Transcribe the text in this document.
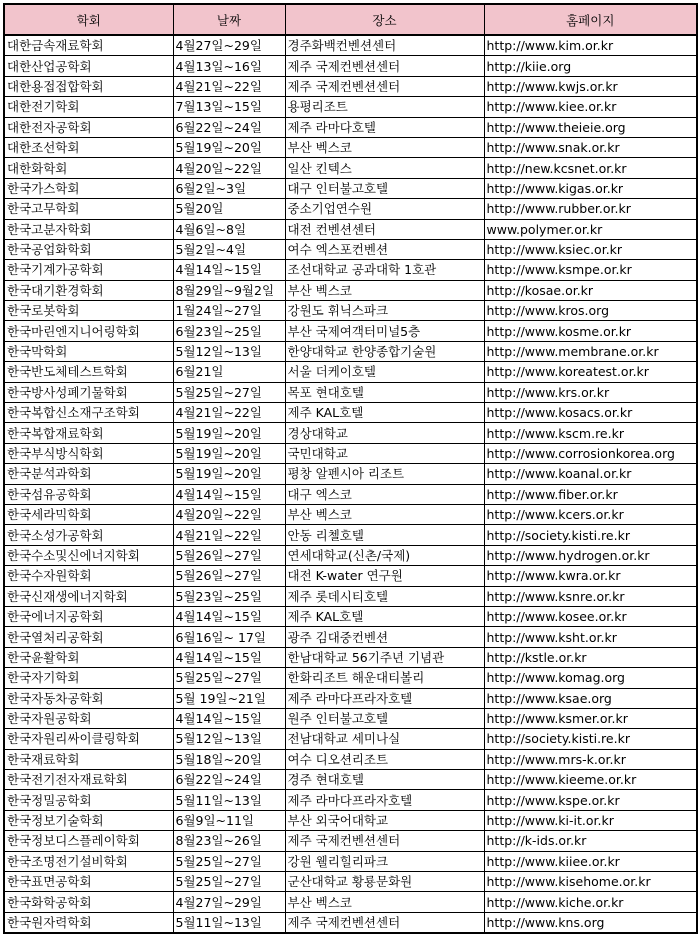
학회	날짜	장소	홈페이지
대한금속재료학회	4월27일~29일	경주화백컨벤션센터	http://www.kim.or.kr
대한산업공학회	4월13일~16일	제주 국제컨벤션센터	http://kiie.org
대한용접접합학회	4월21일~22일	제주 국제컨벤션센터	http://www.kwjs.or.kr
대한전기학회	7월13일~15일	용평리조트	http://www.kiee.or.kr
대한전자공학회	6월22일~24일	제주 라마다호텔	http://www.theieie.org
대한조선학회	5월19일~20일	부산 벡스코	http://www.snak.or.kr
대한화학회	4월20일~22일	일산 킨텍스	http://new.kcsnet.or.kr
한국가스학회	6월2일~3일	대구 인터불고호텔	http://www.kigas.or.kr
한국고무학회	5월20일	중소기업연수원	http://www.rubber.or.kr
한국고분자학회	4월6일~8일	대전 컨벤션센터	www.polymer.or.kr
한국공업화학회	5월2일~4일	여수 엑스포컨벤션	http://www.ksiec.or.kr
한국기계가공학회	4월14일~15일	조선대학교 공과대학 1호관	http://www.ksmpe.or.kr
한국대기환경학회	8월29일~9월2일	부산 벡스코	http://kosae.or.kr
한국로봇학회	1월24일~27일	강원도 휘닉스파크	http://www.kros.org
한국마린엔지니어링학회	6월23일~25일	부산 국제여객터미널5층	http://www.kosme.or.kr
한국막학회	5월12일~13일	한양대학교 한양종합기술원	http://www.membrane.or.kr
한국반도체테스트학회	6월21일	서울 더케이호텔	http://www.koreatest.or.kr
한국방사성폐기물학회	5월25일~27일	목포 현대호텔	http://www.krs.or.kr
한국복합신소재구조학회	4월21일~22일	제주 KAL호텔	http://www.kosacs.or.kr
한국복합재료학회	5월19일~20일	경상대학교	http://www.kscm.re.kr
한국부식방식학회	5월19일~20일	국민대학교	http://www.corrosionkorea.org
한국분석과학회	5월19일~20일	평창 알펜시아 리조트	http://www.koanal.or.kr
한국섬유공학회	4월14일~15일	대구 엑스코	http://www.fiber.or.kr
한국세라믹학회	4월20일~22일	부산 벡스코	http://www.kcers.or.kr
한국소성가공학회	4월21일~22일	안동 리첼호텔	http://society.kisti.re.kr
한국수소및신에너지학회	5월26일~27일	연세대학교(신촌/국제)	http://www.hydrogen.or.kr
한국수자원학회	5월26일~27일	대전 K-water 연구원	http://www.kwra.or.kr
한국신재생에너지학회	5월23일~25일	제주 롯데시티호텔	http://www.ksnre.or.kr
한국에너지공학회	4월14일~15일	제주 KAL호텔	http://www.kosee.or.kr
한국열처리공학회	6월16일~ 17일	광주 김대중컨벤션	http://www.ksht.or.kr
한국윤활학회	4월14일~15일	한남대학교 56기주년 기념관	http://kstle.or.kr
한국자기학회	5월25일~27일	한화리조트 해운대티볼리	http://www.komag.org
한국자동차공학회	5월 19일~21일	제주 라마다프라자호텔	http://www.ksae.org
한국자원공학회	4월14일~15일	원주 인터불고호텔	http://www.ksmer.or.kr
한국자원리싸이클링학회	5월12일~13일	전남대학교 세미나실	http://society.kisti.re.kr
한국재료학회	5월18일~20일	여수 디오션리조트	http://www.mrs-k.or.kr
한국전기전자재료학회	6월22일~24일	경주 현대호텔	http://www.kieeme.or.kr
한국정밀공학회	5월11일~13일	제주 라마다프라자호텔	http://www.kspe.or.kr
한국정보기술학회	6월9일~11일	부산 외국어대학교	http://www.ki-it.or.kr
한국정보디스플레이학회	8월23일~26일	제주 국제컨벤션센터	http://k-ids.or.kr
한국조명전기설비학회	5월25일~27일	강원 웰리힐리파크	http://www.kiiee.or.kr
한국표면공학회	5월25일~27일	군산대학교 황룡문화원	http://www.kisehome.or.kr
한국화학공학회	4월27일~29일	부산 벡스코	http://www.kiche.or.kr
한국원자력학회	5월11일~13일	제주 국제컨벤션센터	http://www.kns.org
